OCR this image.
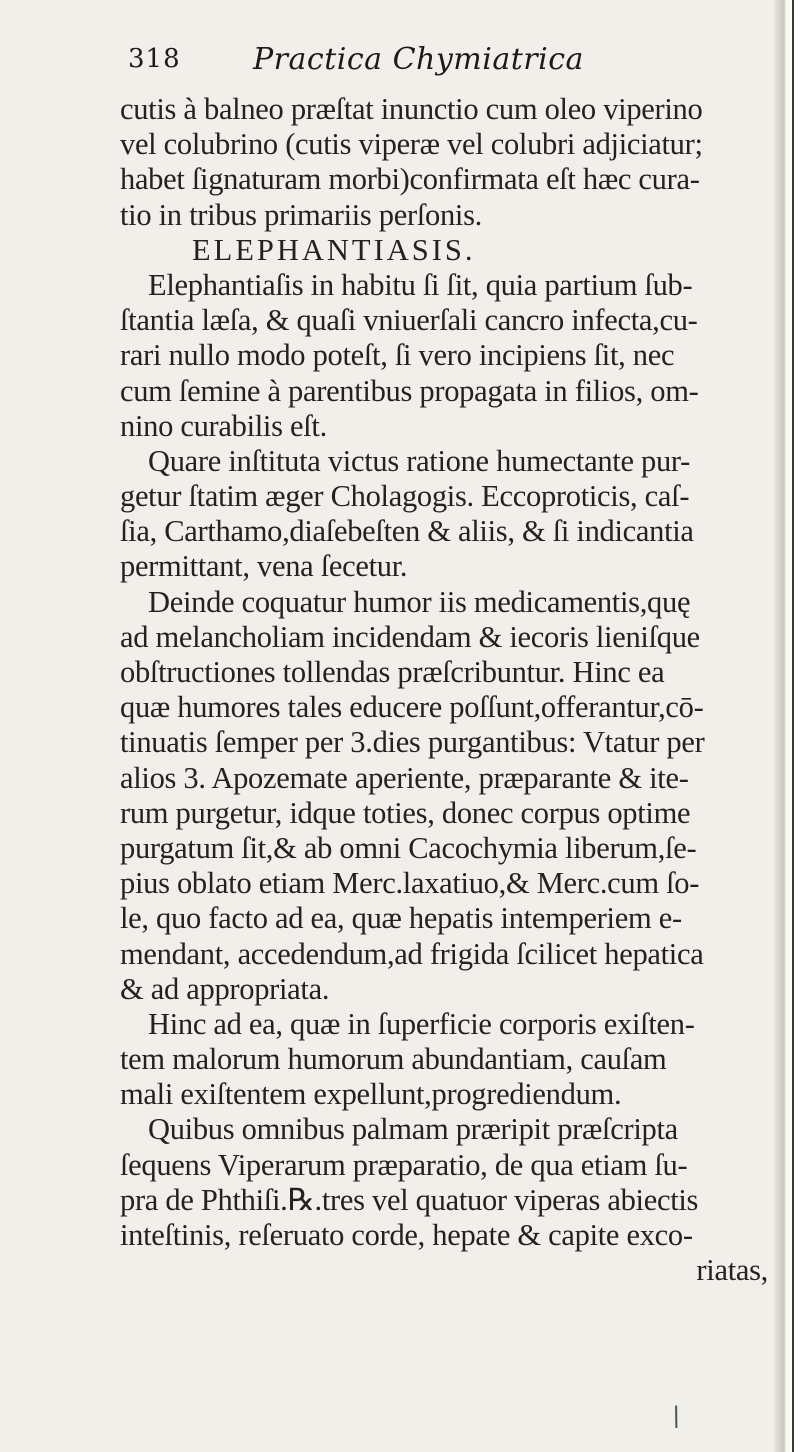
318 Practica Chymiatrica
cutis à balneo præſtat inunctio cum oleo viperino
vel colubrino (cutis viperæ vel colubri adjiciatur;
habet ſignaturam morbi)confirmata eſt hæc cura-
tio in tribus primariis perſonis.
ELEPHANTIASIS.
Elephantiaſis in habitu ſi ſit, quia partium ſub-
ſtantia læſa, & quaſi vniuerſali cancro infecta,cu-
rari nullo modo poteſt, ſi vero incipiens ſit, nec
cum ſemine à parentibus propagata in filios, om-
nino curabilis eſt.
Quare inſtituta victus ratione humectante pur-
getur ſtatim æger Cholagogis. Eccoproticis, caſ-
ſia, Carthamo,diaſebeſten & aliis, & ſi indicantia
permittant, vena ſecetur.
Deinde coquatur humor iis medicamentis,quę
ad melancholiam incidendam & iecoris lieniſque
obſtructiones tollendas præſcribuntur. Hinc ea
quæ humores tales educere poſſunt,offerantur,cō-
tinuatis ſemper per 3.dies purgantibus: Vtatur per
alios 3. Apozemate aperiente, præparante & ite-
rum purgetur, idque toties, donec corpus optime
purgatum ſit,& ab omni Cacochymia liberum,ſe-
pius oblato etiam Merc.laxatiuo,& Merc.cum ſo-
le, quo facto ad ea, quæ hepatis intemperiem e-
mendant, accedendum,ad frigida ſcilicet hepatica
& ad appropriata.
Hinc ad ea, quæ in ſuperficie corporis exiſten-
tem malorum humorum abundantiam, cauſam
mali exiſtentem expellunt,progrediendum.
Quibus omnibus palmam præripit præſcripta
ſequens Viperarum præparatio, de qua etiam ſu-
pra de Phthiſi.℞.tres vel quatuor viperas abiectis
inteſtinis, reſeruato corde, hepate & capite exco-
riatas,
/
